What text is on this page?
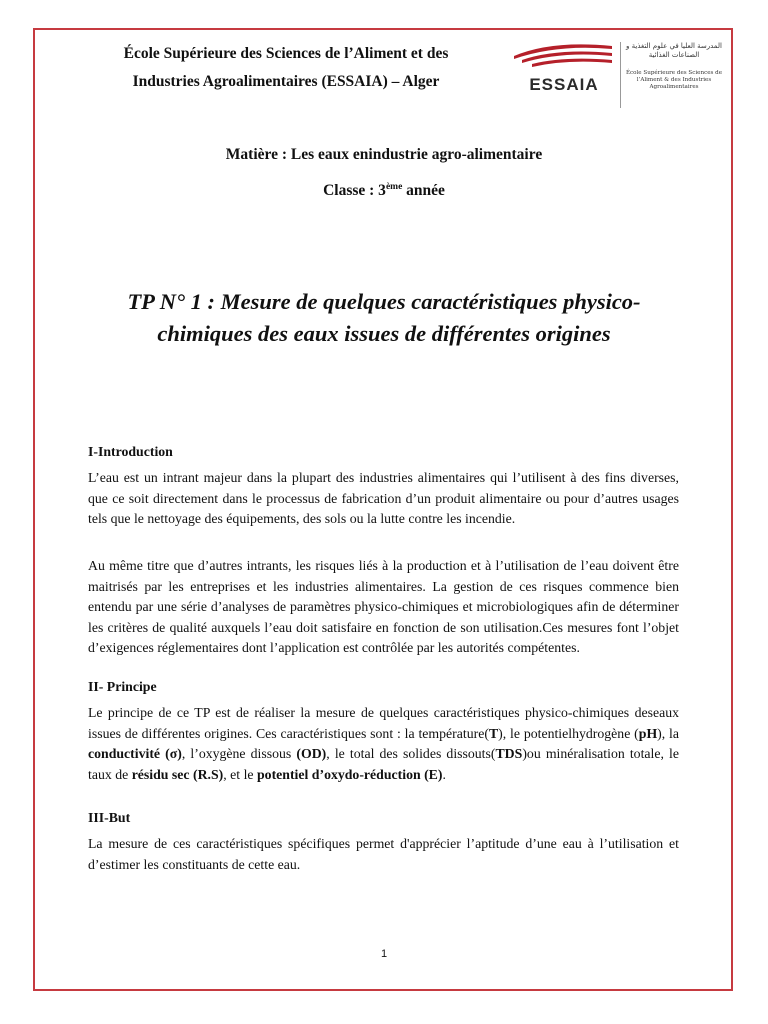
École Supérieure des Sciences de l’Aliment et des
Industries Agroalimentaires (ESSAIA) – Alger	ESSAIA
المدرسة العليا في علوم التغذية و الصناعات الغذائية
École Supérieure des Sciences de l’Aliment & des Industries Agroalimentaires
Matière : Les eaux enindustrie agro-alimentaire
Classe : 3ème année
TP N° 1 : Mesure de quelques caractéristiques physico-chimiques des eaux issues de différentes origines

I-Introduction

L’eau est un intrant majeur dans la plupart des industries alimentaires qui l’utilisent à des fins diverses, que ce soit directement dans le processus de fabrication d’un produit alimentaire ou pour d’autres usages tels que le nettoyage des équipements, des sols ou la lutte contre les incendie.

Au même titre que d’autres intrants, les risques liés à la production et à l’utilisation de l’eau doivent être maitrisés par les entreprises et les industries alimentaires. La gestion de ces risques commence bien entendu par une série d’analyses de paramètres physico-chimiques et microbiologiques afin de déterminer les critères de qualité auxquels l’eau doit satisfaire en fonction de son utilisation.Ces mesures font l’objet d’exigences réglementaires dont l’application est contrôlée par les autorités compétentes.

II- Principe

Le principe de ce TP est de réaliser la mesure de quelques caractéristiques physico-chimiques deseaux issues de différentes origines. Ces caractéristiques sont : la température(T), le potentielhydrogène (pH), la conductivité (σ), l’oxygène dissous (OD), le total des solides dissouts(TDS)ou minéralisation totale, le taux de résidu sec (R.S), et le potentiel d’oxydo-réduction (E).

III-But

La mesure de ces caractéristiques spécifiques permet d'apprécier l’aptitude d’une eau à l’utilisation et d’estimer les constituants de cette eau.

1
